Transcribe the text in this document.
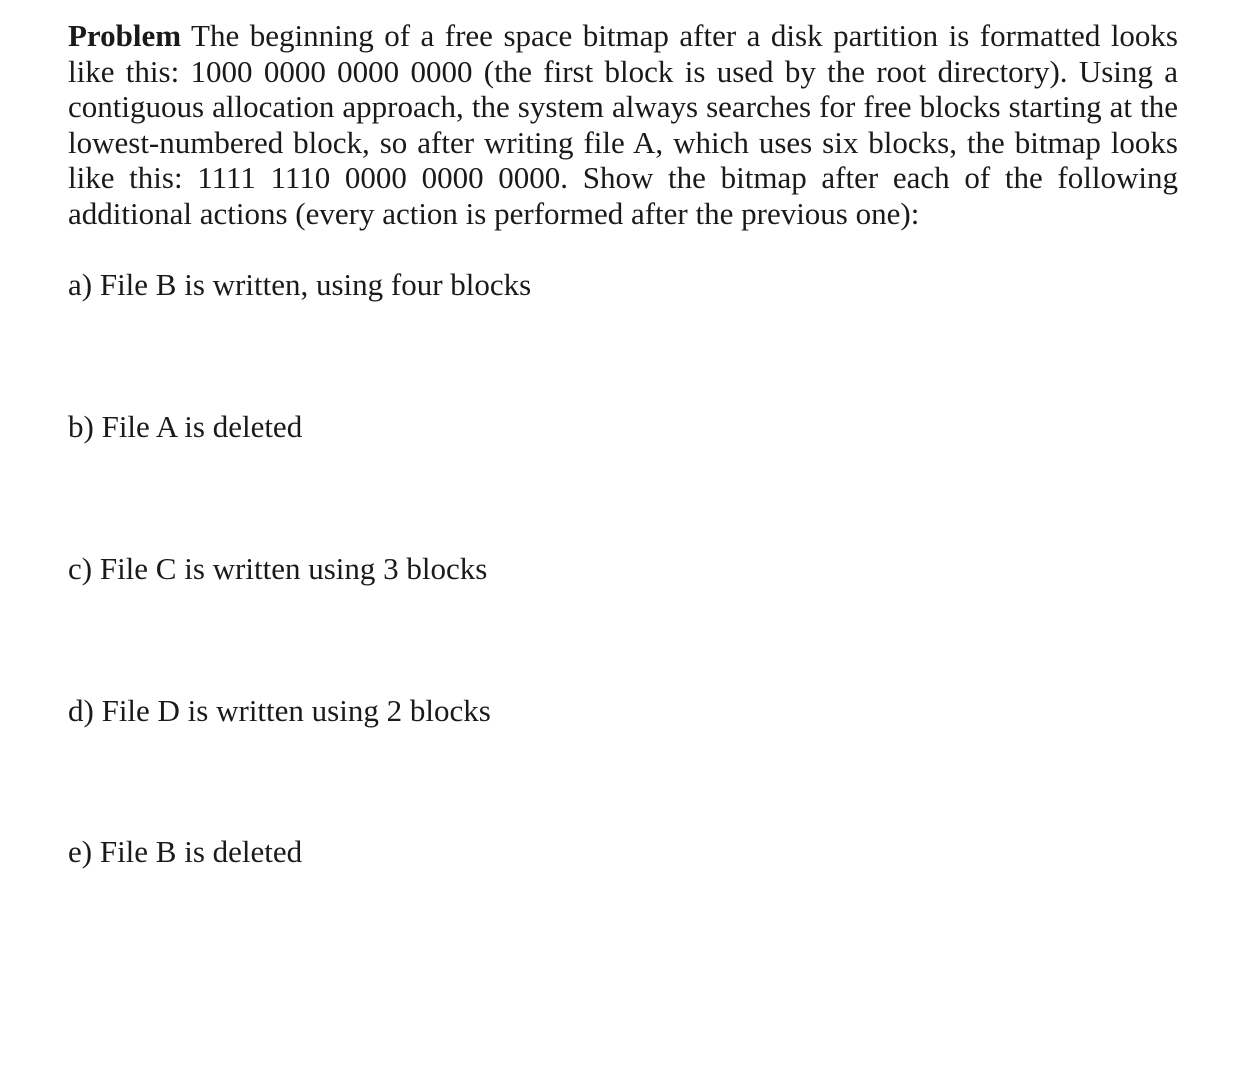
Problem The beginning of a free space bitmap after a disk partition is formatted looks like this: 1000 0000 0000 0000 (the first block is used by the root directory). Using a contiguous allocation approach, the system always searches for free blocks starting at the lowest-numbered block, so after writing file A, which uses six blocks, the bitmap looks like this: 1111 1110 0000 0000 0000. Show the bitmap after each of the following additional actions (every action is performed after the previous one):

a) File B is written, using four blocks

b) File A is deleted

c) File C is written using 3 blocks

d) File D is written using 2 blocks

e) File B is deleted
